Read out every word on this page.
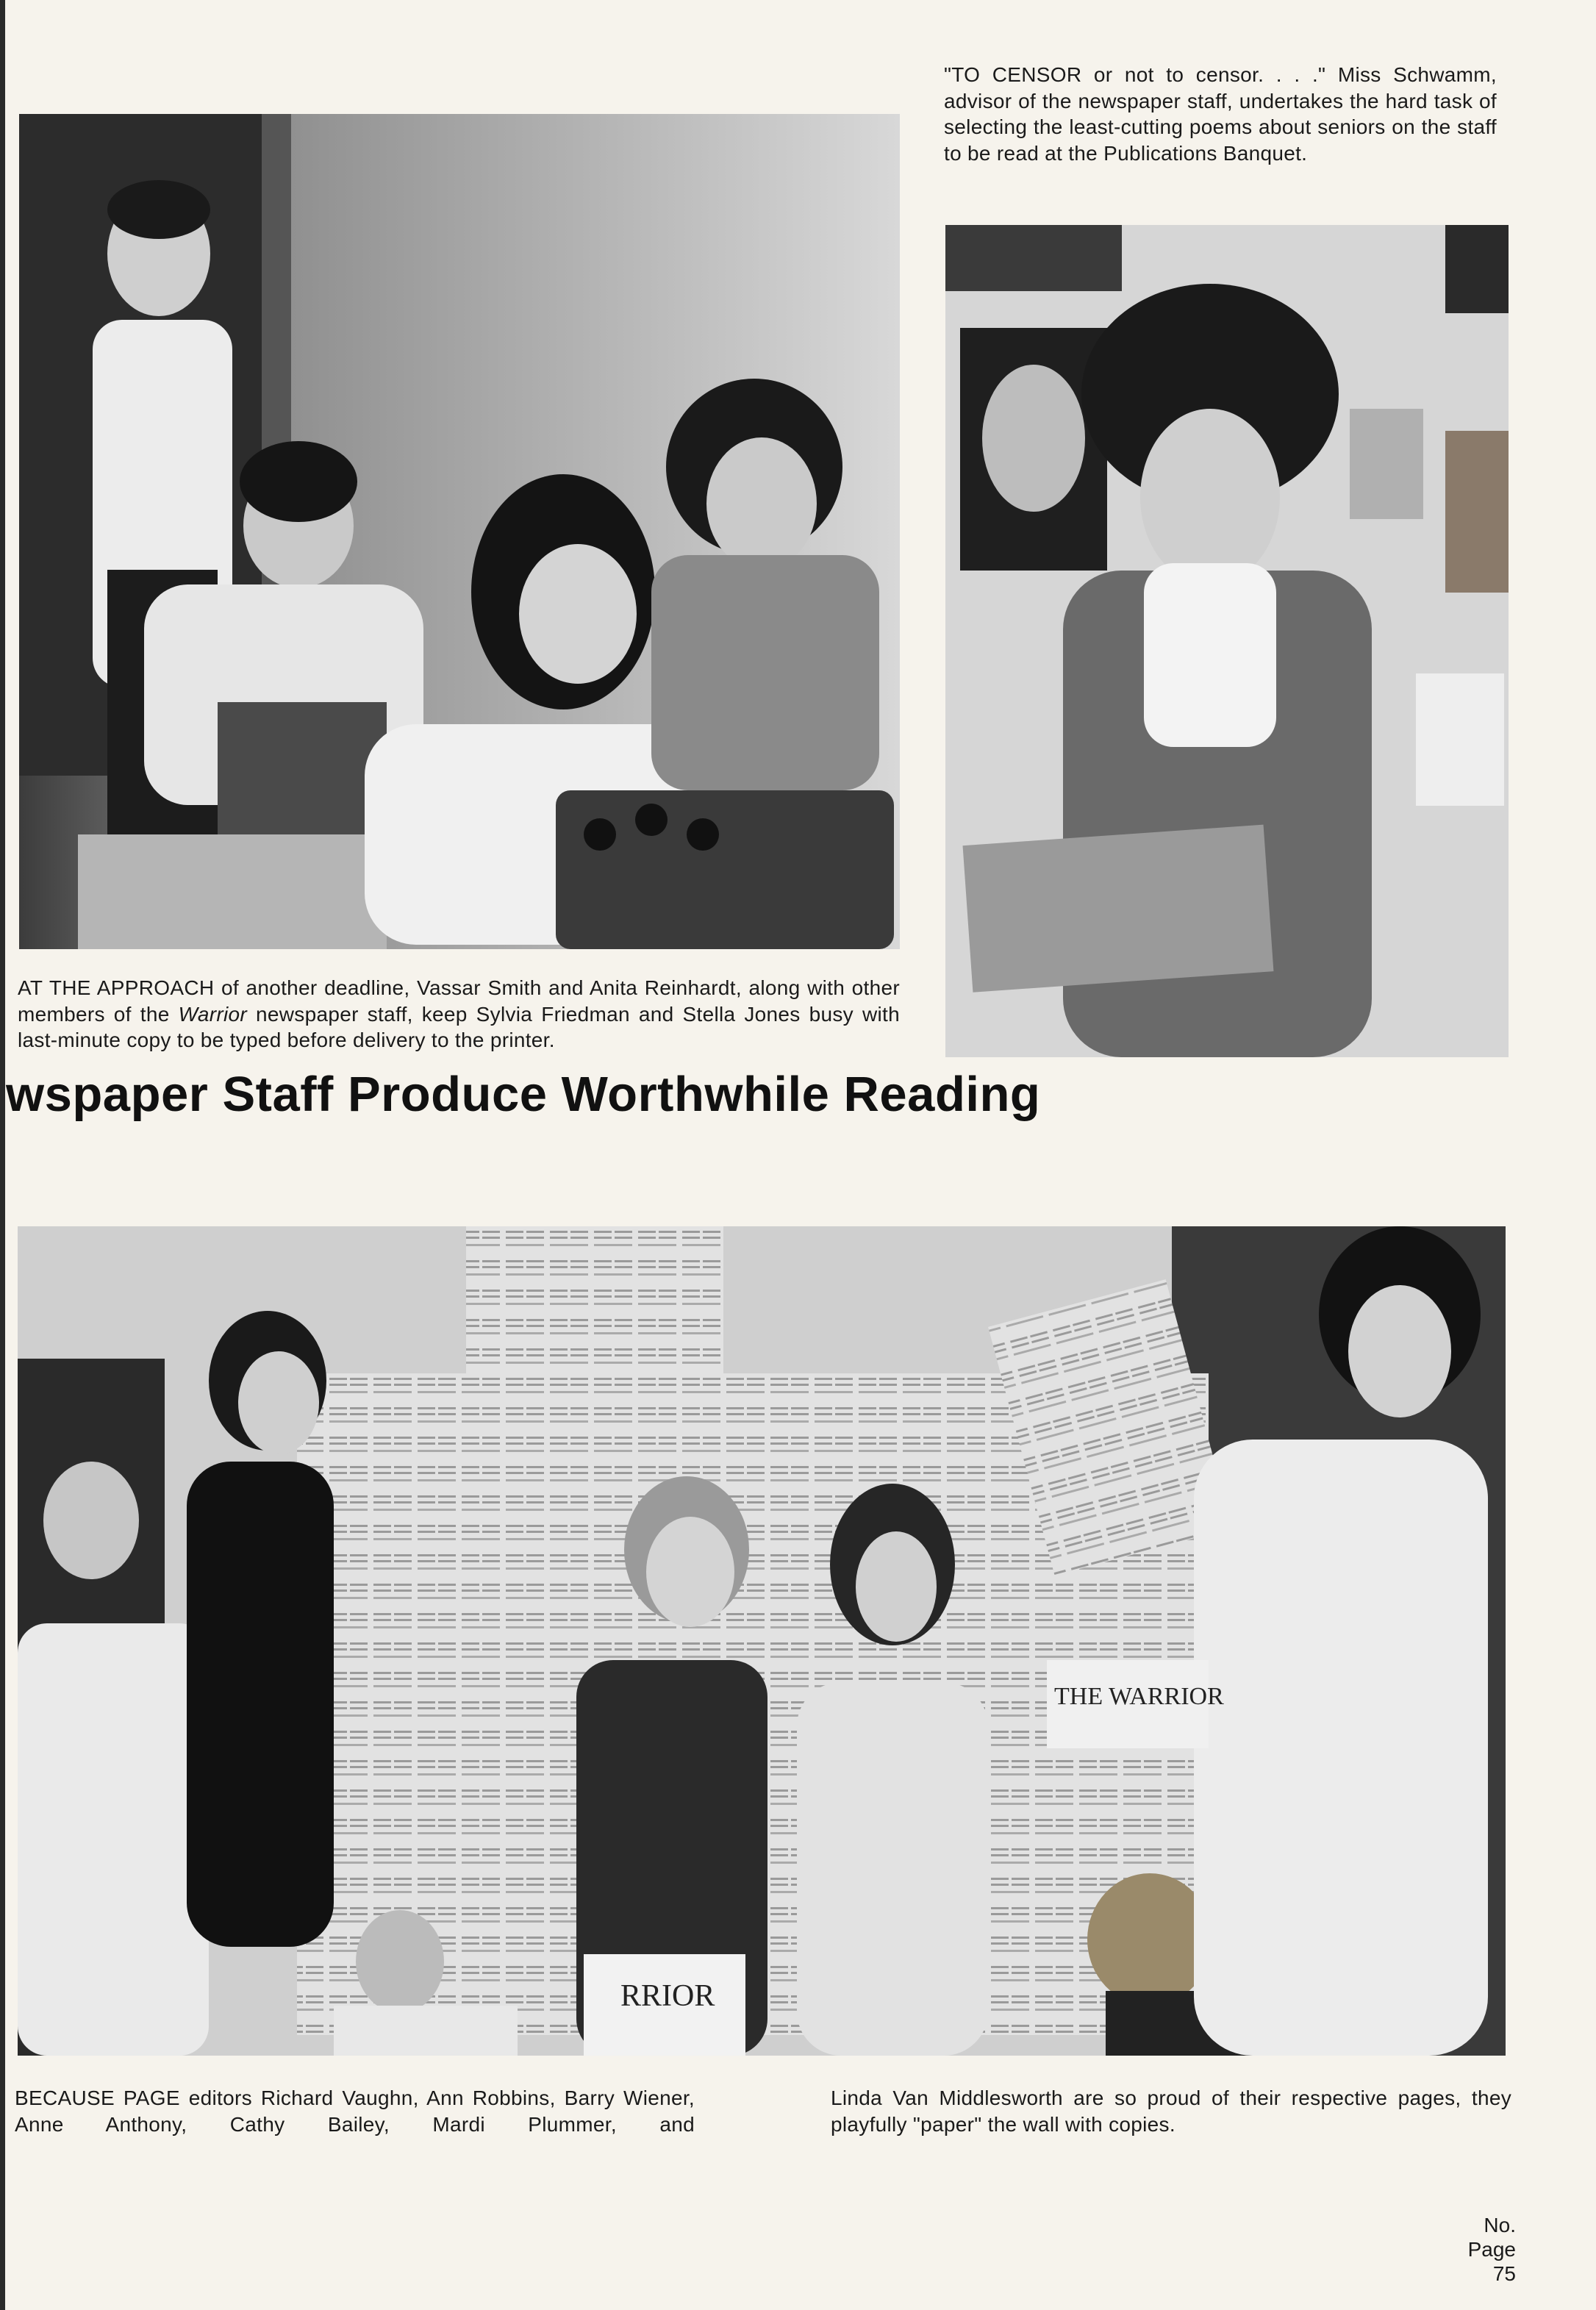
THE WARRIOR
RRIOR
"TO CENSOR or not to censor. . . ." Miss Schwamm, advisor of the newspaper staff, undertakes the hard task of selecting the least-cutting poems about seniors on the staff to be read at the Publications Banquet.
AT THE APPROACH of another deadline, Vassar Smith and Anita Reinhardt, along with other members of the Warrior newspaper staff, keep Sylvia Friedman and Stella Jones busy with last-minute copy to be typed before delivery to the printer.
wspaper Staff Produce Worthwhile Reading
BECAUSE PAGE editors Richard Vaughn, Ann Robbins, Barry Wiener, Anne Anthony, Cathy Bailey, Mardi Plummer, and
Linda Van Middlesworth are so proud of their respective pages, they playfully "paper" the wall with copies.
No.
Page
75
